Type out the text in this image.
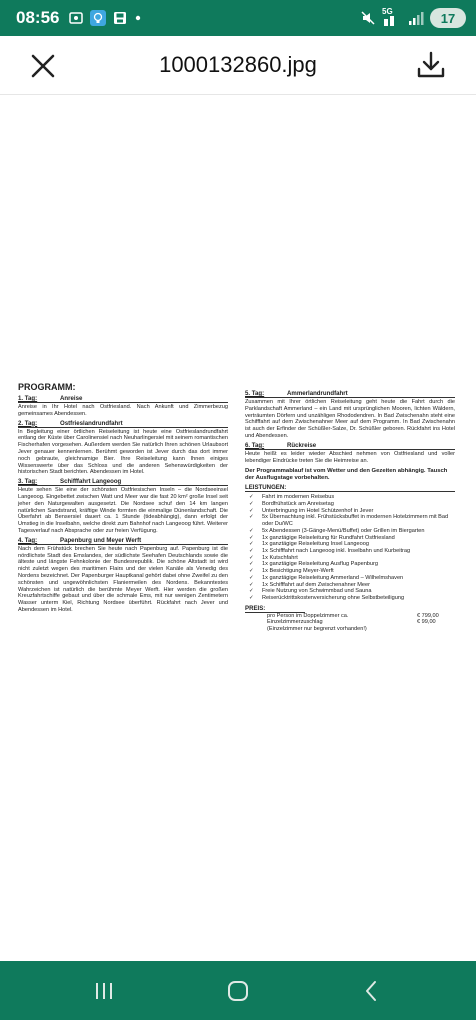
08:56	5G	17
1000132860.jpg
PROGRAMM:
1. Tag:	Anreise
Anreise in Ihr Hotel nach Ostfriesland. Nach Ankunft und Zimmerbezug gemeinsames Abendessen.
2. Tag:	Ostfrieslandrundfahrt
In Begleitung einer örtlichen Reiseleitung ist heute eine Ostfrieslandrundfahrt entlang der Küste über Carolinensiel nach Neuharlingersiel mit seinem romantischen Fischerhafen vorgesehen. Außerdem werden Sie natürlich Ihren schönen Urlaubsort Jever genauer kennenlernen. Berühmt geworden ist Jever durch das dort immer noch gebraute, gleichnamige Bier. Ihre Reiseleitung kann Ihnen einiges Wissenswerte über das Schloss und die anderen Sehenswürdigkeiten der historischen Stadt berichten. Abendessen im Hotel.
3. Tag:	Schifffahrt Langeoog
Heute sehen Sie eine der schönsten Ostfriesischen Inseln – die Nordseeinsel Langeoog. Eingebettet zwischen Watt und Meer war die fast 20 km² große Insel seit jeher den Naturgewalten ausgesetzt. Die Nordsee schuf den 14 km langen natürlichen Sandstrand, kräftige Winde formten die einmalige Dünenlandschaft. Die Überfahrt ab Bensersiel dauert ca. 1 Stunde (tideabhängig), dann erfolgt der Umstieg in die Inselbahn, welche direkt zum Bahnhof nach Langeoog führt. Weiterer Tagesverlauf nach Absprache oder zur freien Verfügung.
4. Tag:	Papenburg und Meyer Werft
Nach dem Frühstück brechen Sie heute nach Papenburg auf. Papenburg ist die nördlichste Stadt des Emslandes, der südlichste Seehafen Deutschlands sowie die älteste und längste Fehnkolonie der Bundesrepublik. Die schöne Altstadt ist wird nicht zuletzt wegen des maritimen Flairs und der vielen Kanäle als Venedig des Nordens bezeichnet. Der Papenburger Hauptkanal gehört dabei ohne Zweifel zu den schönsten und ungewöhnlichsten Flaniermeilen des Nordens. Bekanntestes Wahrzeichen ist natürlich die berühmte Meyer Werft. Hier werden die großen Kreuzfahrtschiffe gebaut und über die schmale Ems, mit nur wenigen Zentimetern Wasser unterm Kiel, Richtung Nordsee überführt. Rückfahrt nach Jever und Abendessen im Hotel.
5. Tag:	Ammerlandrundfahrt
Zusammen mit Ihrer örtlichen Reiseleitung geht heute die Fahrt durch die Parklandschaft Ammerland – ein Land mit ursprünglichen Mooren, lichten Wäldern, verträumten Dörfern und unzähligen Rhododendren. In Bad Zwischenahn steht eine Schifffahrt auf dem Zwischenahner Meer auf dem Programm. In Bad Zwischenahn ist auch der Erfinder der Schüßler-Salze, Dr. Schüßler geboren. Rückfahrt ins Hotel und Abendessen.
6. Tag:	Rückreise
Heute heißt es leider wieder Abschied nehmen von Ostfriesland und voller lebendiger Eindrücke treten Sie die Heimreise an.
Der Programmablauf ist vom Wetter und den Gezeiten abhängig. Tausch der Ausflugstage vorbehalten.
LEISTUNGEN:
✓	Fahrt im modernen Reisebus
✓	Bordfrühstück am Anreisetag
✓	Unterbringung im Hotel Schützenhof in Jever
✓	5x Übernachtung inkl. Frühstücksbuffet in modernen Hotelzimmern mit Bad oder Du/WC
✓	5x Abendessen (3-Gänge-Menü/Buffet) oder Grillen im Biergarten
✓	1x ganztägige Reiseleitung für Rundfahrt Ostfriesland
✓	1x ganztägige Reiseleitung Insel Langeoog
✓	1x Schifffahrt nach Langeoog inkl. Inselbahn und Kurbeitrag
✓	1x Kutschfahrt
✓	1x ganztägige Reiseleitung Ausflug Papenburg
✓	1x Besichtigung Meyer-Werft
✓	1x ganztägige Reiseleitung Ammerland – Wilhelmshaven
✓	1x Schifffahrt auf dem Zwischenahner Meer
✓	Freie Nutzung von Schwimmbad und Sauna
✓	Reiserücktrittskostenversicherung ohne Selbstbeteiligung
PREIS:
pro Person im Doppelzimmer ca.	€ 799,00
Einzelzimmerzuschlag	€ 99,00
(Einzelzimmer nur begrenzt vorhanden!)
